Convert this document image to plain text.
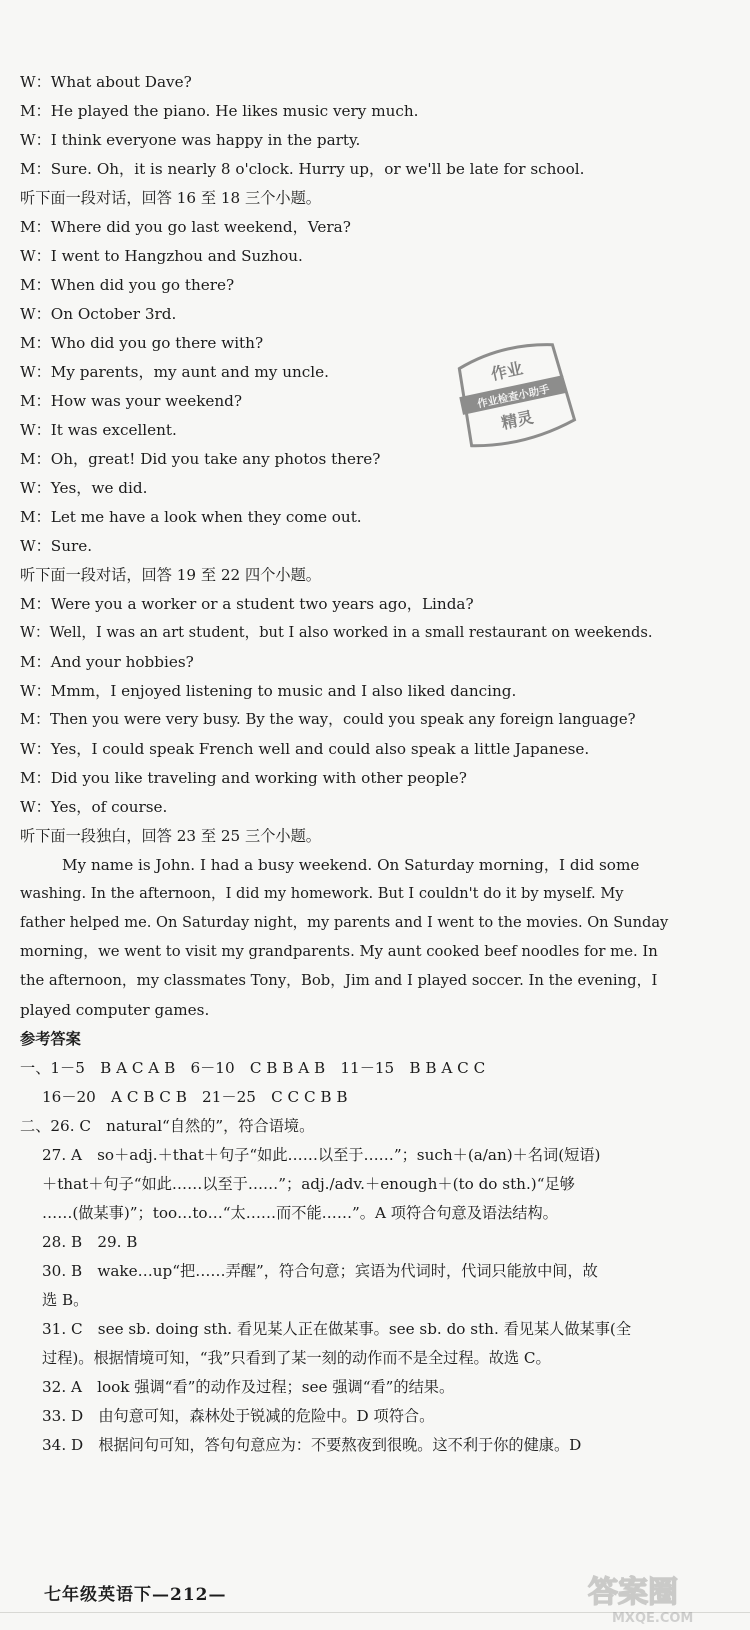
W：What about Dave?
M：He played the piano. He likes music very much.
W：I think everyone was happy in the party.
M：Sure. Oh，it is nearly 8 o'clock. Hurry up，or we'll be late for school.
听下面一段对话，回答 16 至 18 三个小题。
M：Where did you go last weekend，Vera?
W：I went to Hangzhou and Suzhou.
M：When did you go there?
W：On October 3rd.
M：Who did you go there with?
W：My parents，my aunt and my uncle.
M：How was your weekend?
W：It was excellent.
M：Oh，great! Did you take any photos there?
W：Yes，we did.
M：Let me have a look when they come out.
W：Sure.
听下面一段对话，回答 19 至 22 四个小题。
M：Were you a worker or a student two years ago，Linda?
W：Well，I was an art student，but I also worked in a small restaurant on weekends.
M：And your hobbies?
W：Mmm，I enjoyed listening to music and I also liked dancing.
M：Then you were very busy. By the way，could you speak any foreign language?
W：Yes，I could speak French well and could also speak a little Japanese.
M：Did you like traveling and working with other people?
W：Yes，of course.
听下面一段独白，回答 23 至 25 三个小题。
My name is John. I had a busy weekend. On Saturday morning，I did some
washing. In the afternoon，I did my homework. But I couldn't do it by myself. My
father helped me. On Saturday night，my parents and I went to the movies. On Sunday
morning，we went to visit my grandparents. My aunt cooked beef noodles for me. In
the afternoon，my classmates Tony，Bob，Jim and I played soccer. In the evening，I
played computer games.
参考答案
一、1－5　B A C A B　6－10　C B B A B　11－15　B B A C C
16－20　A C B C B　21－25　C C C B B
二、26. C　natural“自然的”，符合语境。
27. A　so＋adj.＋that＋句子“如此……以至于……”；such＋(a/an)＋名词(短语)
＋that＋句子“如此……以至于……”；adj./adv.＋enough＋(to do sth.)“足够
……(做某事)”；too…to…“太……而不能……”。A 项符合句意及语法结构。
28. B　29. B
30. B　wake…up“把……弄醒”，符合句意；宾语为代词时，代词只能放中间，故
选 B。
31. C　see sb. doing sth. 看见某人正在做某事。see sb. do sth. 看见某人做某事(全
过程)。根据情境可知，“我”只看到了某一刻的动作而不是全过程。故选 C。
32. A　look 强调“看”的动作及过程；see 强调“看”的结果。
33. D　由句意可知，森林处于锐减的危险中。D 项符合。
34. D　根据问句可知，答句句意应为：不要熬夜到很晚。这不利于你的健康。D
作业
作业检查小助手
精灵
七年级英语下—212—	答案圈
MXQE.COM
